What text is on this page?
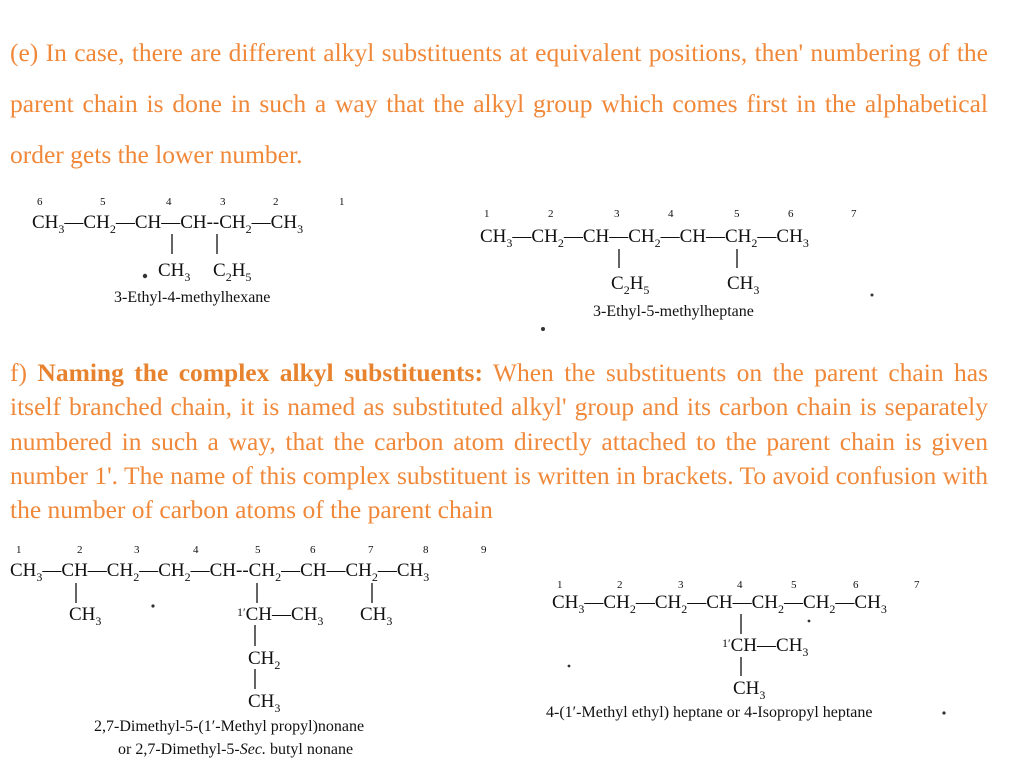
(e) In case, there are different alkyl substituents at equivalent positions, then' numbering of the parent chain is done in such a way that the alkyl group which comes first in the alphabetical order gets the lower number.
6	5	4	3	2	1
$CH_3—CH_2—CH—CH--CH_2—CH_3$
$CH_3$ $C_2H_5$
3-Ethyl-4-methylhexane
1	2	3	4	5	6	7
$CH_3—CH_2—CH—CH_2—CH—CH_2—CH_3$
$C_2H_5$	$CH_3$
3-Ethyl-5-methylheptane
f) Naming the complex alkyl substituents: When the substituents on the parent chain has itself branched chain, it is named as substituted alkyl' group and its carbon chain is separately numbered in such a way, that the carbon atom directly attached to the parent chain is given number 1'. The name of this complex substituent is written in brackets. To avoid confusion with the number of carbon atoms of the parent chain
1	2	3	4	5	6	7	8	9
$CH_3—CH—CH_2—CH_2—CH--CH_2—CH—CH_2—CH_3$
$CH_3$
$^{1'}CH—CH_3$ $CH_3$
$CH_2$
$CH_3$
2,7-Dimethyl-5-(1′-Methyl propyl)nonane
or 2,7-Dimethyl-5-Sec. butyl nonane
1	2	3	4	5	6	7
$CH_3—CH_2—CH_2—CH—CH_2—CH_2—CH_3$
$^{1'}CH—CH_3$
$CH_3$
4-(1′-Methyl ethyl) heptane or 4-Isopropyl heptane
